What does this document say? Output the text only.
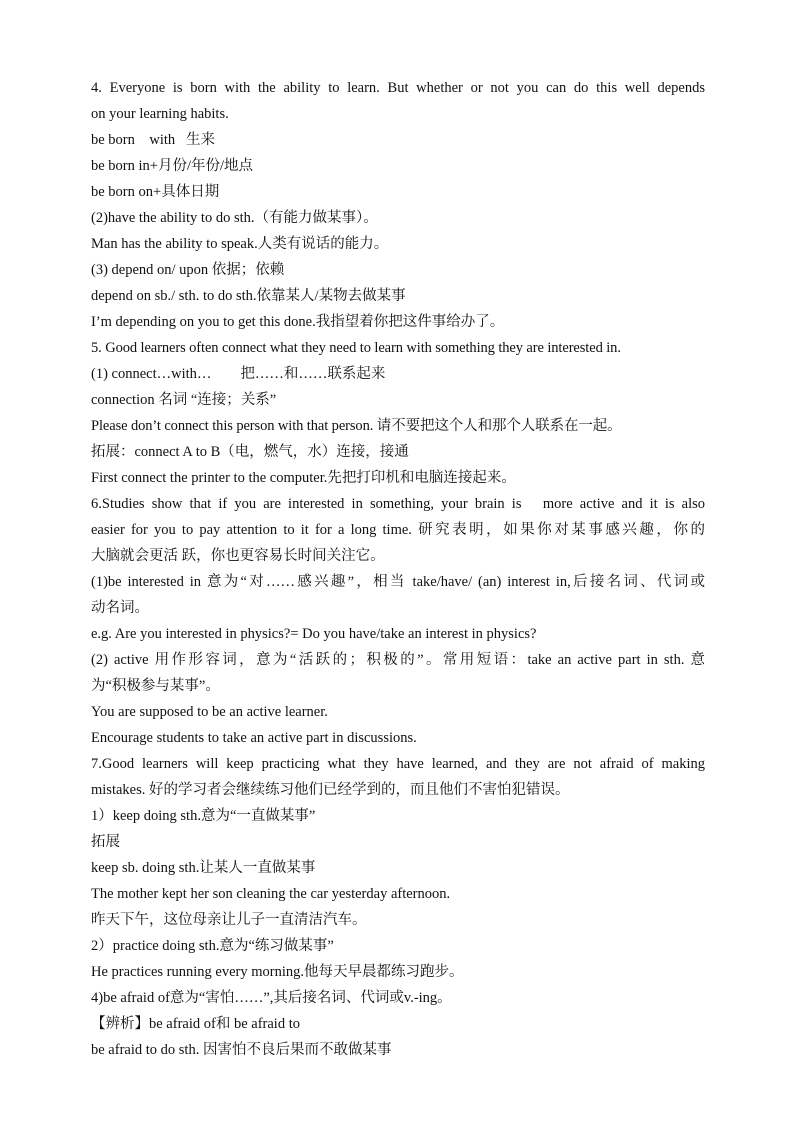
4. Everyone is born with the ability to learn. But whether or not you can do this well depends
on your learning habits.
be born    with   生来
be born in+月份/年份/地点
be born on+具体日期
(2)have the ability to do sth.（有能力做某事）。
Man has the ability to speak.人类有说话的能力。
(3) depend on/ upon 依据；依赖
depend on sb./ sth. to do sth.依靠某人/某物去做某事
I’m depending on you to get this done.我指望着你把这件事给办了。
5. Good learners often connect what they need to learn with something they are interested in.
(1) connect…with…        把……和……联系起来
connection 名词 “连接；关系”
Please don’t connect this person with that person. 请不要把这个人和那个人联系在一起。
拓展：connect A to B（电，燃气，水）连接，接通
First connect the printer to the computer.先把打印机和电脑连接起来。
6.Studies show that if you are interested in something, your brain is   more active and it is also
easier for you to pay attention to it for a long time. 研究表明，如果你对某事感兴趣，你的
大脑就会更活 跃，你也更容易长时间关注它。
(1)be interested in 意为“对……感兴趣”，相当 take/have/ (an) interest in,后接名词、代词或
动名词。
e.g. Are you interested in physics?= Do you have/take an interest in physics?
(2) active 用作形容词，意为“活跃的；积极的”。常用短语：take an active part in sth. 意
为“积极参与某事”。
You are supposed to be an active learner.
Encourage students to take an active part in discussions.
7.Good learners will keep practicing what they have learned, and they are not afraid of making
mistakes. 好的学习者会继续练习他们已经学到的，而且他们不害怕犯错误。
1）keep doing sth.意为“一直做某事”
拓展
keep sb. doing sth.让某人一直做某事
The mother kept her son cleaning the car yesterday afternoon.
昨天下午，这位母亲让儿子一直清洁汽车。
2）practice doing sth.意为“练习做某事”
He practices running every morning.他每天早晨都练习跑步。
4)be afraid of意为“害怕……”,其后接名词、代词或v.-ing。
【辨析】be afraid of和 be afraid to
be afraid to do sth. 因害怕不良后果而不敢做某事
